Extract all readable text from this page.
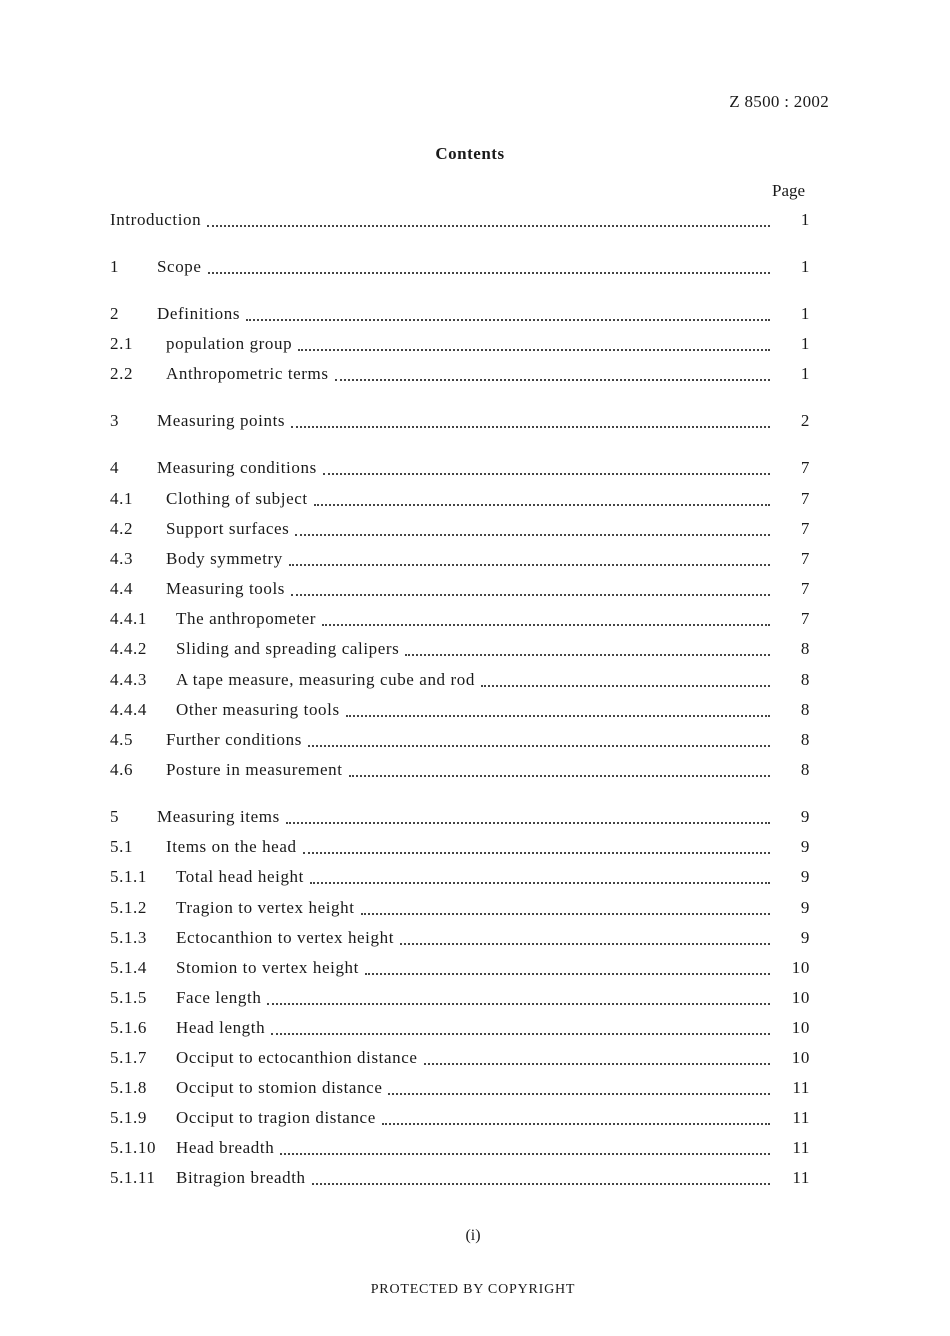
Z 8500 : 2002
Contents
Page
Introduction	1
1 Scope	1
2 Definitions	1
2.1 population group	1
2.2 Anthropometric terms	1
3 Measuring points	2
4 Measuring conditions	7
4.1 Clothing of subject	7
4.2 Support surfaces	7
4.3 Body symmetry	7
4.4 Measuring tools	7
4.4.1 The anthropometer	7
4.4.2 Sliding and spreading calipers	8
4.4.3 A tape measure, measuring cube and rod	8
4.4.4 Other measuring tools	8
4.5 Further conditions	8
4.6 Posture in measurement	8
5 Measuring items	9
5.1 Items on the head	9
5.1.1 Total head height	9
5.1.2 Tragion to vertex height	9
5.1.3 Ectocanthion to vertex height	9
5.1.4 Stomion to vertex height	10
5.1.5 Face length	10
5.1.6 Head length	10
5.1.7 Occiput to ectocanthion distance	10
5.1.8 Occiput to stomion distance	11
5.1.9 Occiput to tragion distance	11
5.1.10 Head breadth	11
5.1.11 Bitragion breadth	11
(i)
PROTECTED BY COPYRIGHT
